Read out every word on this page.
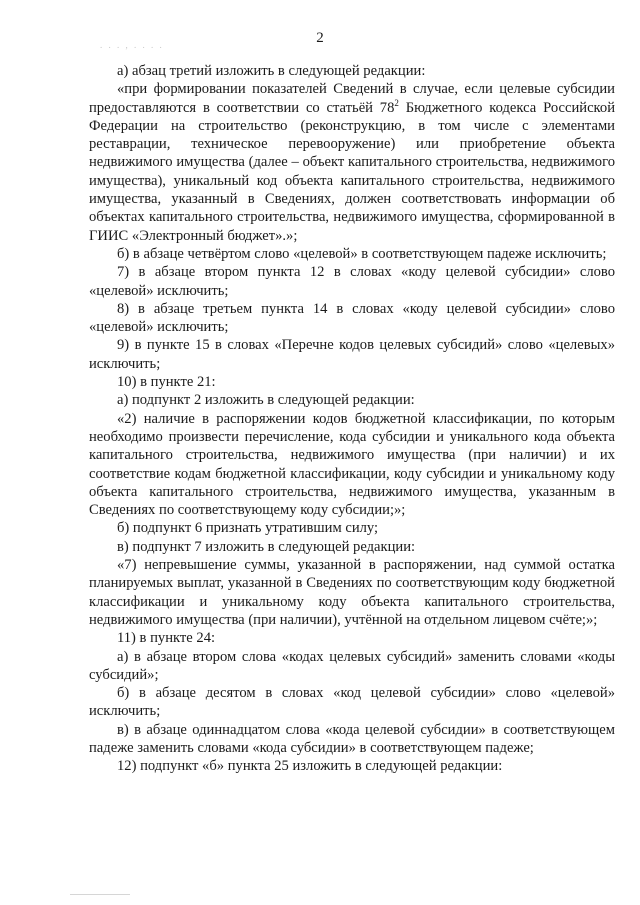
. . . , . . . .	2

а) абзац третий изложить в следующей редакции:

«при формировании показателей Сведений в случае, если целевые субсидии предоставляются в соответствии со статьёй $78^2$ Бюджетного кодекса Российской Федерации на строительство (реконструкцию, в том числе с элементами реставрации, техническое перевооружение) или приобретение объекта недвижимого имущества (далее – объект капитального строительства, недвижимого имущества), уникальный код объекта капитального строительства, недвижимого имущества, указанный в Сведениях, должен соответствовать информации об объектах капитального строительства, недвижимого имущества, сформированной в ГИИС «Электронный бюджет».»;

б) в абзаце четвёртом слово «целевой» в соответствующем падеже исключить;

7) в абзаце втором пункта 12 в словах «коду целевой субсидии» слово «целевой» исключить;

8) в абзаце третьем пункта 14 в словах «коду целевой субсидии» слово «целевой» исключить;

9) в пункте 15 в словах «Перечне кодов целевых субсидий» слово «целевых» исключить;

10) в пункте 21:

а) подпункт 2 изложить в следующей редакции:

«2) наличие в распоряжении кодов бюджетной классификации, по которым необходимо произвести перечисление, кода субсидии и уникального кода объекта капитального строительства, недвижимого имущества (при наличии) и их соответствие кодам бюджетной классификации, коду субсидии и уникальному коду объекта капитального строительства, недвижимого имущества, указанным в Сведениях по соответствующему коду субсидии;»;

б) подпункт 6 признать утратившим силу;

в) подпункт 7 изложить в следующей редакции:

«7) непревышение суммы, указанной в распоряжении, над суммой остатка планируемых выплат, указанной в Сведениях по соответствующим коду бюджетной классификации и уникальному коду объекта капитального строительства, недвижимого имущества (при наличии), учтённой на отдельном лицевом счёте;»;

11) в пункте 24:

а) в абзаце втором слова «кодах целевых субсидий» заменить словами «коды субсидий»;

б) в абзаце десятом в словах «код целевой субсидии» слово «целевой» исключить;

в) в абзаце одиннадцатом слова «кода целевой субсидии» в соответствующем падеже заменить словами «кода субсидии» в соответствующем падеже;

12) подпункт «б» пункта 25 изложить в следующей редакции:
